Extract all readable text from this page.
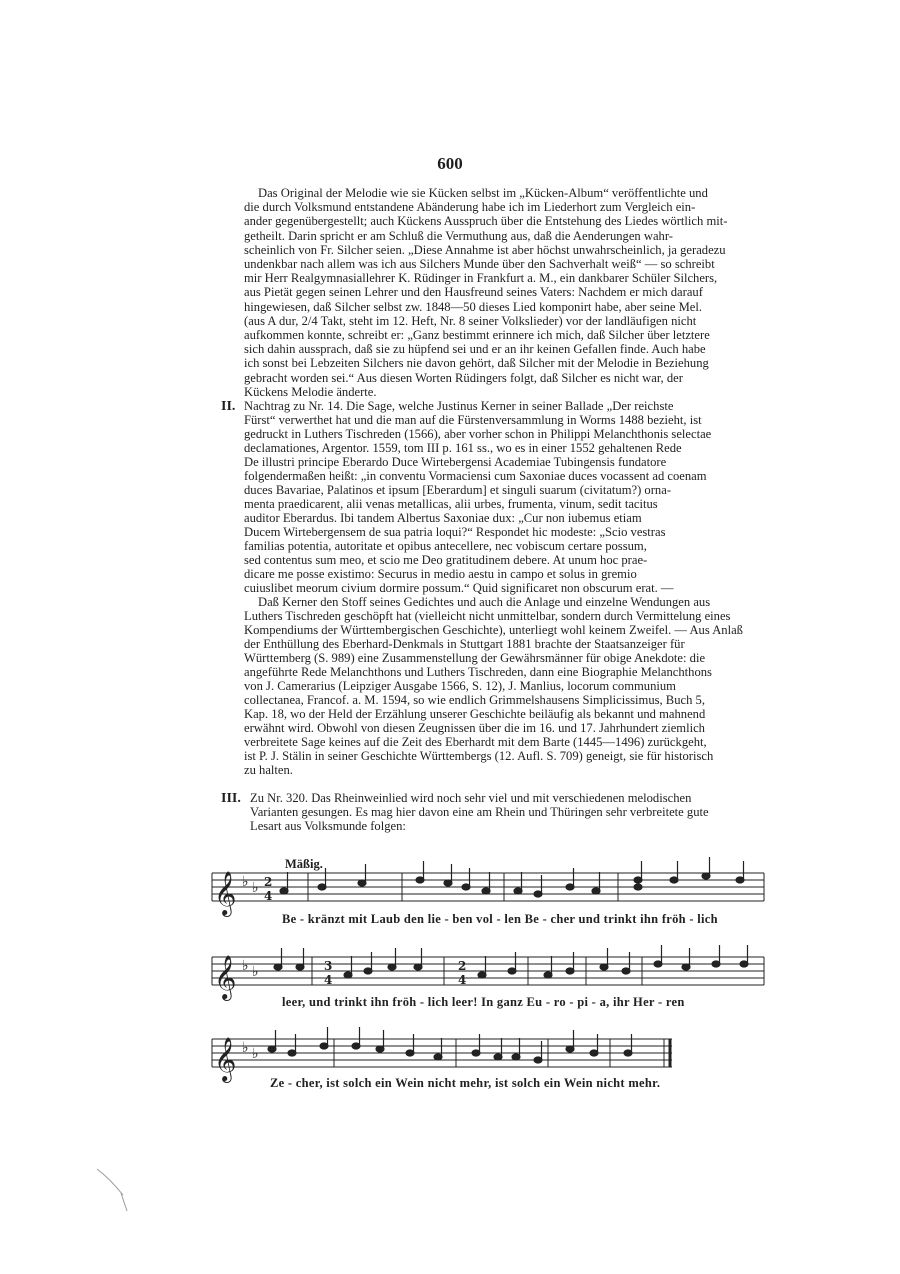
600

Das Original der Melodie wie sie Kücken selbst im „Kücken-Album“ veröffentlichte und

die durch Volksmund entstandene Abänderung habe ich im Liederhort zum Vergleich ein-

ander gegenübergestellt; auch Kückens Ausspruch über die Entstehung des Liedes wörtlich mit-

getheilt. Darin spricht er am Schluß die Vermuthung aus, daß die Aenderungen wahr-

scheinlich von Fr. Silcher seien. „Diese Annahme ist aber höchst unwahrscheinlich, ja geradezu

undenkbar nach allem was ich aus Silchers Munde über den Sachverhalt weiß“ — so schreibt

mir Herr Realgymnasiallehrer K. Rüdinger in Frankfurt a. M., ein dankbarer Schüler Silchers,

aus Pietät gegen seinen Lehrer und den Hausfreund seines Vaters: Nachdem er mich darauf

hingewiesen, daß Silcher selbst zw. 1848—50 dieses Lied komponirt habe, aber seine Mel.

(aus A dur, 2/4 Takt, steht im 12. Heft, Nr. 8 seiner Volkslieder) vor der landläufigen nicht

aufkommen konnte, schreibt er: „Ganz bestimmt erinnere ich mich, daß Silcher über letztere

sich dahin aussprach, daß sie zu hüpfend sei und er an ihr keinen Gefallen finde. Auch habe

ich sonst bei Lebzeiten Silchers nie davon gehört, daß Silcher mit der Melodie in Beziehung

gebracht worden sei.“ Aus diesen Worten Rüdingers folgt, daß Silcher es nicht war, der

Kückens Melodie änderte.

II. Nachtrag zu Nr. 14. Die Sage, welche Justinus Kerner in seiner Ballade „Der reichste

Fürst“ verwerthet hat und die man auf die Fürstenversammlung in Worms 1488 bezieht, ist

gedruckt in Luthers Tischreden (1566), aber vorher schon in Philippi Melanchthonis selectae

declamationes, Argentor. 1559, tom III p. 161 ss., wo es in einer 1552 gehaltenen Rede

De illustri principe Eberardo Duce Wirtebergensi Academiae Tubingensis fundatore

folgendermaßen heißt: „in conventu Vormaciensi cum Saxoniae duces vocassent ad coenam

duces Bavariae, Palatinos et ipsum [Eberardum] et singuli suarum (civitatum?) orna-

menta praedicarent, alii venas metallicas, alii urbes, frumenta, vinum, sedit tacitus

auditor Eberardus. Ibi tandem Albertus Saxoniae dux: „Cur non iubemus etiam

Ducem Wirtebergensem de sua patria loqui?“ Respondet hic modeste: „Scio vestras

familias potentia, autoritate et opibus antecellere, nec vobiscum certare possum,

sed contentus sum meo, et scio me Deo gratitudinem debere. At unum hoc prae-

dicare me posse existimo: Securus in medio aestu in campo et solus in gremio

cuiuslibet meorum civium dormire possum.“ Quid significaret non obscurum erat. —

Daß Kerner den Stoff seines Gedichtes und auch die Anlage und einzelne Wendungen aus

Luthers Tischreden geschöpft hat (vielleicht nicht unmittelbar, sondern durch Vermittelung eines

Kompendiums der Württembergischen Geschichte), unterliegt wohl keinem Zweifel. — Aus Anlaß

der Enthüllung des Eberhard-Denkmals in Stuttgart 1881 brachte der Staatsanzeiger für

Württemberg (S. 989) eine Zusammenstellung der Gewährsmänner für obige Anekdote: die

angeführte Rede Melanchthons und Luthers Tischreden, dann eine Biographie Melanchthons

von J. Camerarius (Leipziger Ausgabe 1566, S. 12), J. Manlius, locorum communium

collectanea, Francof. a. M. 1594, so wie endlich Grimmelshausens Simplicissimus, Buch 5,

Kap. 18, wo der Held der Erzählung unserer Geschichte beiläufig als bekannt und mahnend

erwähnt wird. Obwohl von diesen Zeugnissen über die im 16. und 17. Jahrhundert ziemlich

verbreitete Sage keines auf die Zeit des Eberhardt mit dem Barte (1445—1496) zurückgeht,

ist P. J. Stälin in seiner Geschichte Württembergs (12. Aufl. S. 709) geneigt, sie für historisch

zu halten.

III. Zu Nr. 320. Das Rheinweinlied wird noch sehr viel und mit verschiedenen melodischen

Varianten gesungen. Es mag hier davon eine am Rhein und Thüringen sehr verbreitete gute

Lesart aus Volksmunde folgen:

Mäßig.
𝄞 ♭ ♭ 2
4
Be - kränzt mit Laub den lie - ben vol - len Be - cher und trinkt ihn fröh - lich
𝄞 ♭ ♭	3
4
2
4
leer, und trinkt ihn fröh - lich leer! In ganz Eu - ro - pi - a, ihr Her - ren
𝄞 ♭ ♭
Ze - cher, ist solch ein Wein nicht mehr, ist solch ein Wein nicht mehr.
